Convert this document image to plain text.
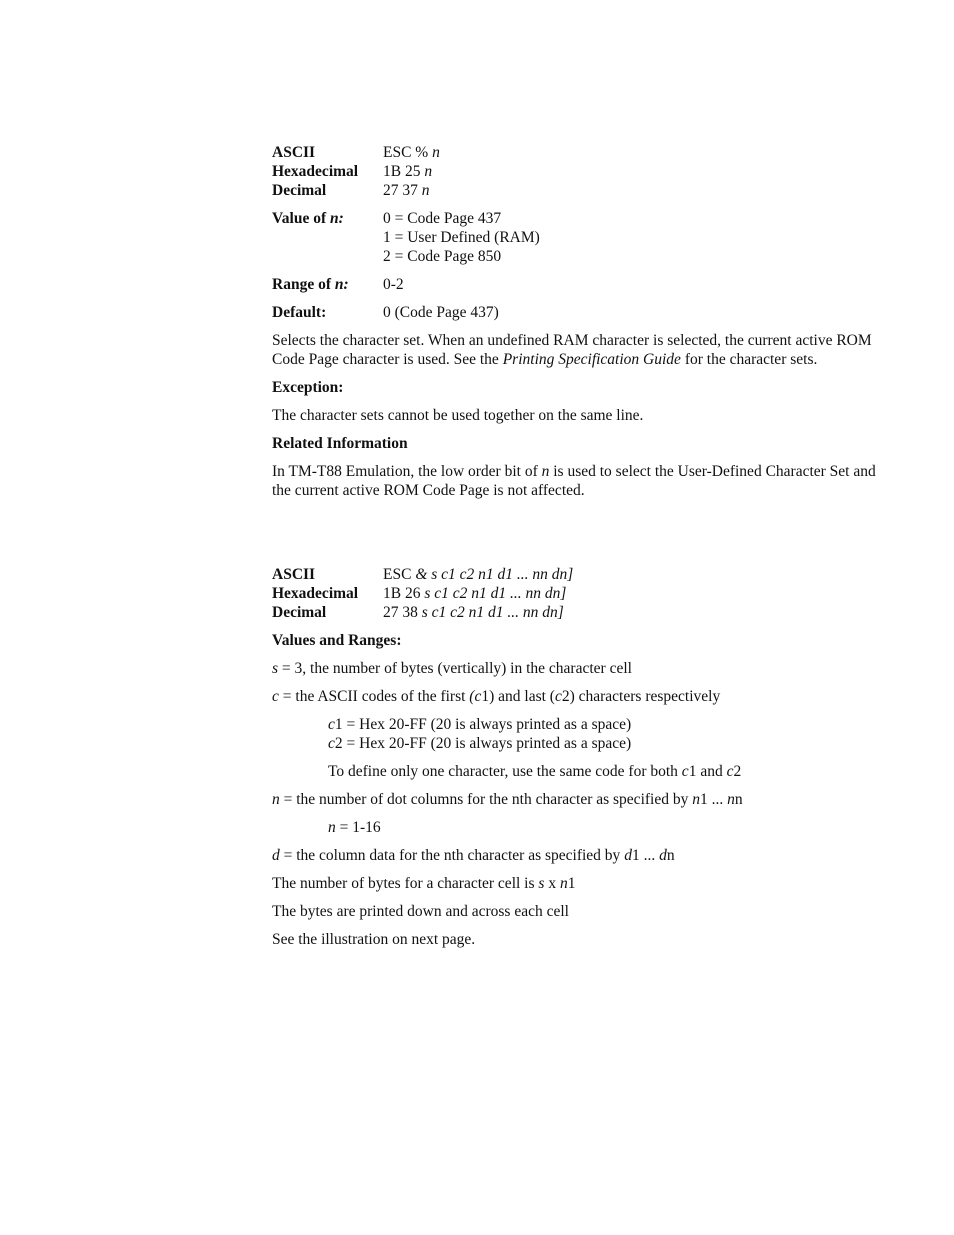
ASCII	ESC % n
Hexadecimal	1B 25 n
Decimal	27 37 n
Value of n:	0 = Code Page 437
1 = User Defined (RAM)
2 = Code Page 850
Range of n:	0-2
Default:	0 (Code Page 437)

Selects the character set. When an undefined RAM character is selected, the current active ROM Code Page character is used. See the Printing Specification Guide for the character sets.

Exception:

The character sets cannot be used together on the same line.

Related Information

In TM-T88 Emulation, the low order bit of n is used to select the User-Defined Character Set and the current active ROM Code Page is not affected.

ASCII	ESC & s c1 c2 n1 d1 ... nn dn]
Hexadecimal	1B 26 s c1 c2 n1 d1 ... nn dn]
Decimal	27 38 s c1 c2 n1 d1 ... nn dn]

Values and Ranges:

s = 3, the number of bytes (vertically) in the character cell

c = the ASCII codes of the first (c1) and last (c2) characters respectively

c1 = Hex 20-FF (20 is always printed as a space)
c2 = Hex 20-FF (20 is always printed as a space)

To define only one character, use the same code for both c1 and c2

n = the number of dot columns for the nth character as specified by n1 ... nn

n = 1-16

d = the column data for the nth character as specified by d1 ... dn

The number of bytes for a character cell is s x n1

The bytes are printed down and across each cell

See the illustration on next page.
